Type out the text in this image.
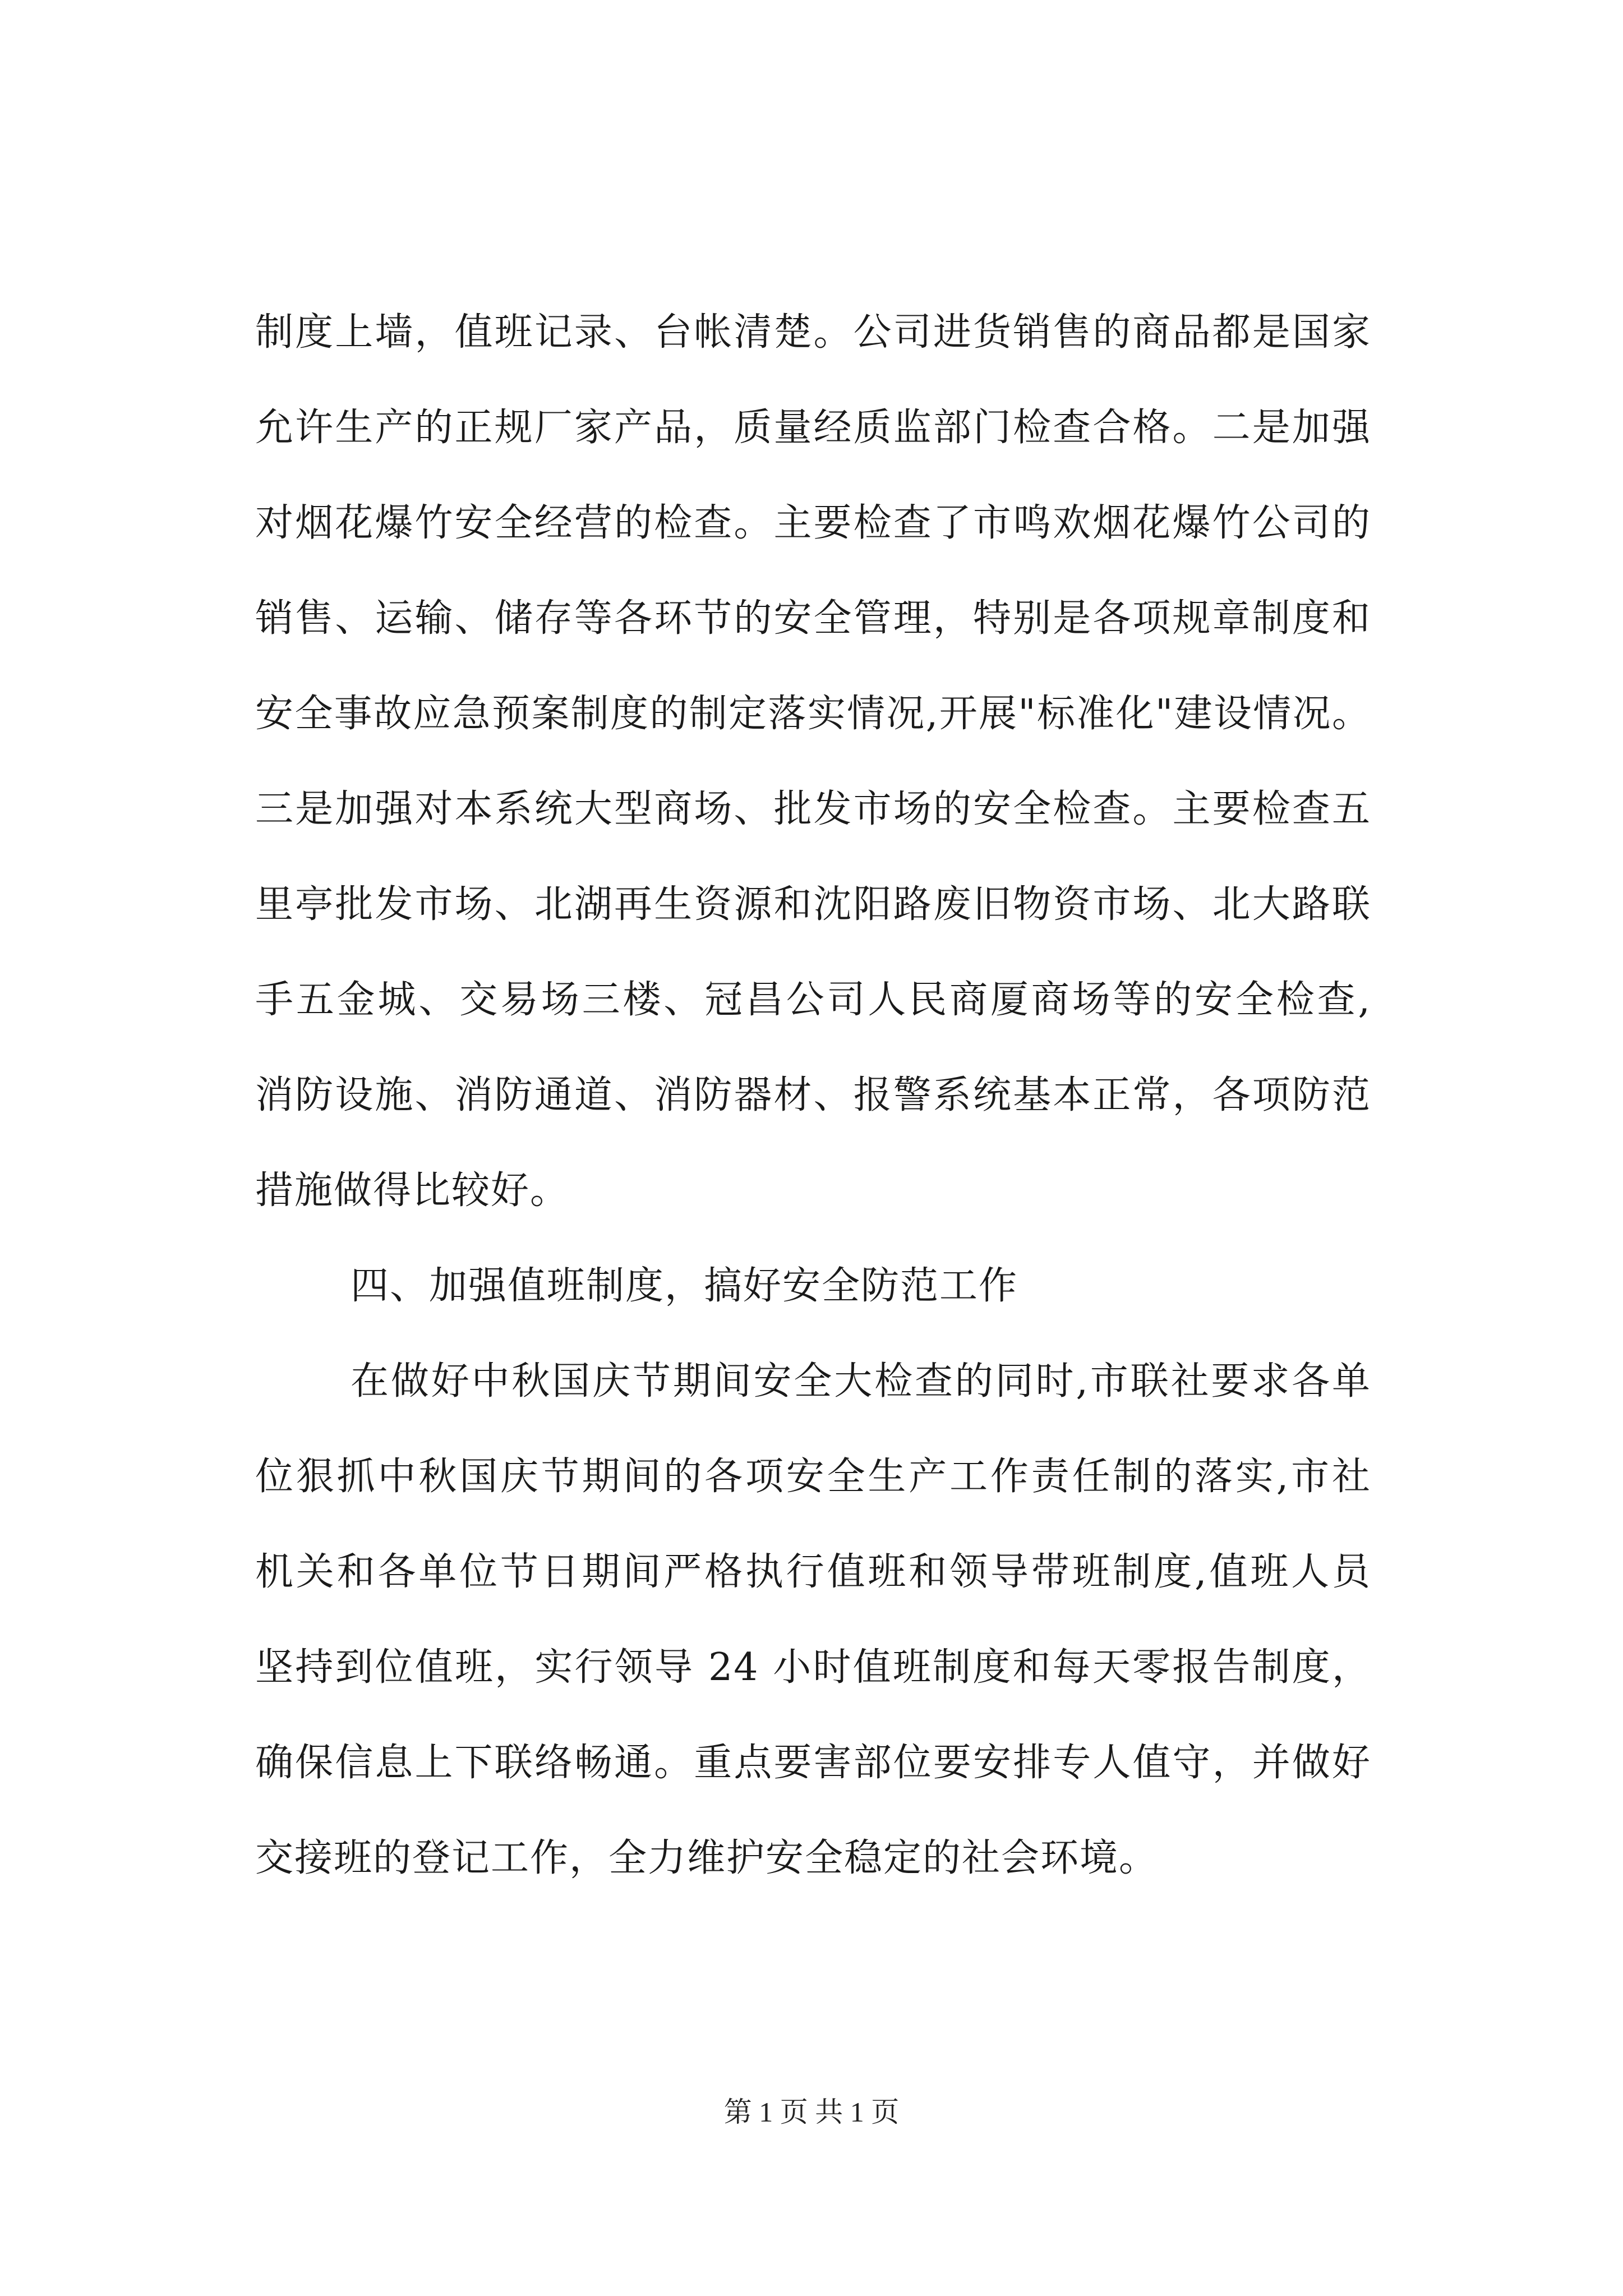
制度上墙，值班记录、台帐清楚。公司进货销售的商品都是国家
允许生产的正规厂家产品，质量经质监部门检查合格。二是加强
对烟花爆竹安全经营的检查。主要检查了市鸣欢烟花爆竹公司的
销售、运输、储存等各环节的安全管理，特别是各项规章制度和
安全事故应急预案制度的制定落实情况,开展"标准化"建设情况。
三是加强对本系统大型商场、批发市场的安全检查。主要检查五
里亭批发市场、北湖再生资源和沈阳路废旧物资市场、北大路联
手五金城、交易场三楼、冠昌公司人民商厦商场等的安全检查,
消防设施、消防通道、消防器材、报警系统基本正常，各项防范
措施做得比较好。
四、加强值班制度，搞好安全防范工作
在做好中秋国庆节期间安全大检查的同时,市联社要求各单
位狠抓中秋国庆节期间的各项安全生产工作责任制的落实,市社
机关和各单位节日期间严格执行值班和领导带班制度,值班人员
坚持到位值班，实行领导 24 小时值班制度和每天零报告制度，
确保信息上下联络畅通。重点要害部位要安排专人值守，并做好
交接班的登记工作，全力维护安全稳定的社会环境。
第 1 页 共 1 页
